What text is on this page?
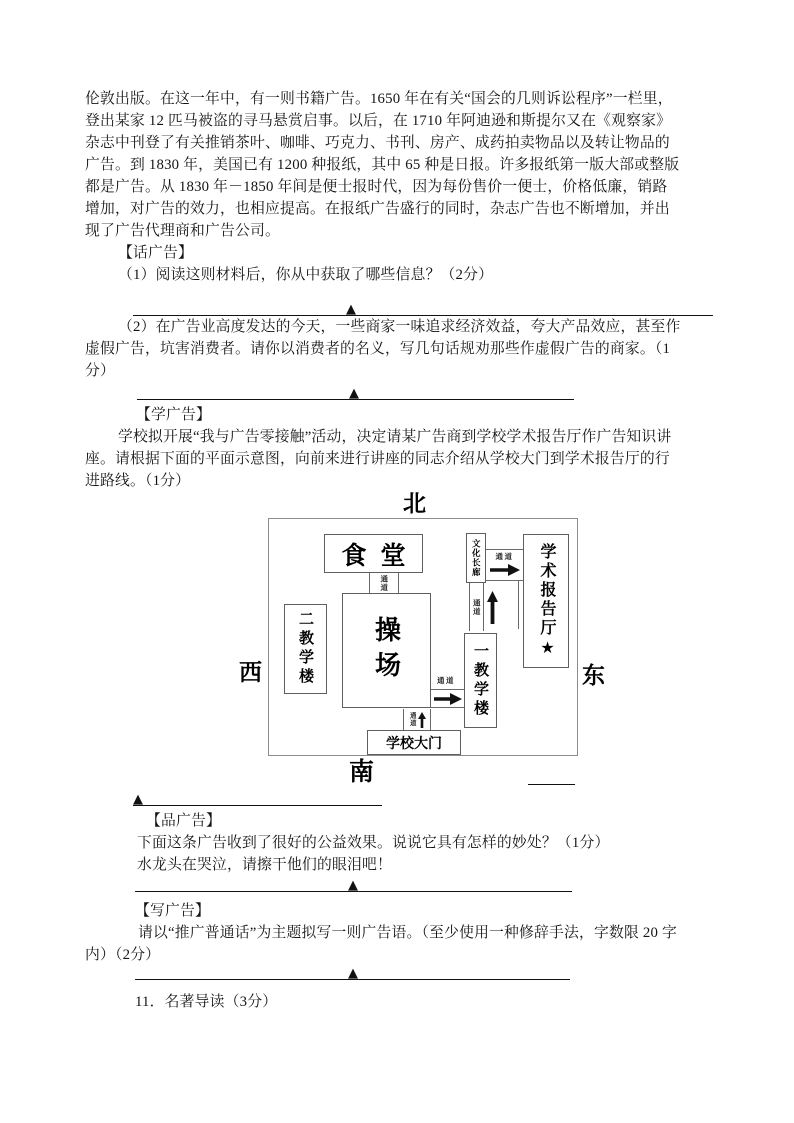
伦敦出版。在这一年中，有一则书籍广告。1650 年在有关“国会的几则诉讼程序”一栏里，
登出某家 12 匹马被盗的寻马悬赏启事。以后，在 1710 年阿迪逊和斯提尔又在《观察家》
杂志中刊登了有关推销茶叶、咖啡、巧克力、书刊、房产、成药拍卖物品以及转让物品的
广告。到 1830 年，美国已有 1200 种报纸，其中 65 种是日报。许多报纸第一版大部或整版
都是广告。从 1830 年－1850 年间是便士报时代，因为每份售价一便士，价格低廉，销路
增加，对广告的效力，也相应提高。在报纸广告盛行的同时，杂志广告也不断增加，并出
现了广告代理商和广告公司。
【话广告】
（1）阅读这则材料后，你从中获取了哪些信息？（2分）
▲
（2）在广告业高度发达的今天，一些商家一味追求经济效益，夸大产品效应，甚至作
虚假广告，坑害消费者。请你以消费者的名义，写几句话规劝那些作虚假广告的商家。（1
分）
▲
【学广告】
学校拟开展“我与广告零接触”活动，决定请某广告商到学校学术报告厅作广告知识讲
座。请根据下面的平面示意图，向前来进行讲座的同志介绍从学校大门到学术报告厅的行
进路线。（1分）
北
西	东
南
食  堂
通道
操场
二教学楼	一教学楼
文化长廊
通道
通道 学术报告厅★
通道
通道
学校大门
▲
【品广告】
下面这条广告收到了很好的公益效果。说说它具有怎样的妙处？（1分）
水龙头在哭泣，请擦干他们的眼泪吧！
▲
【写广告】
请以“推广普通话”为主题拟写一则广告语。（至少使用一种修辞手法，字数限 20 字
内）（2分）
▲
11．名著导读（3分）
